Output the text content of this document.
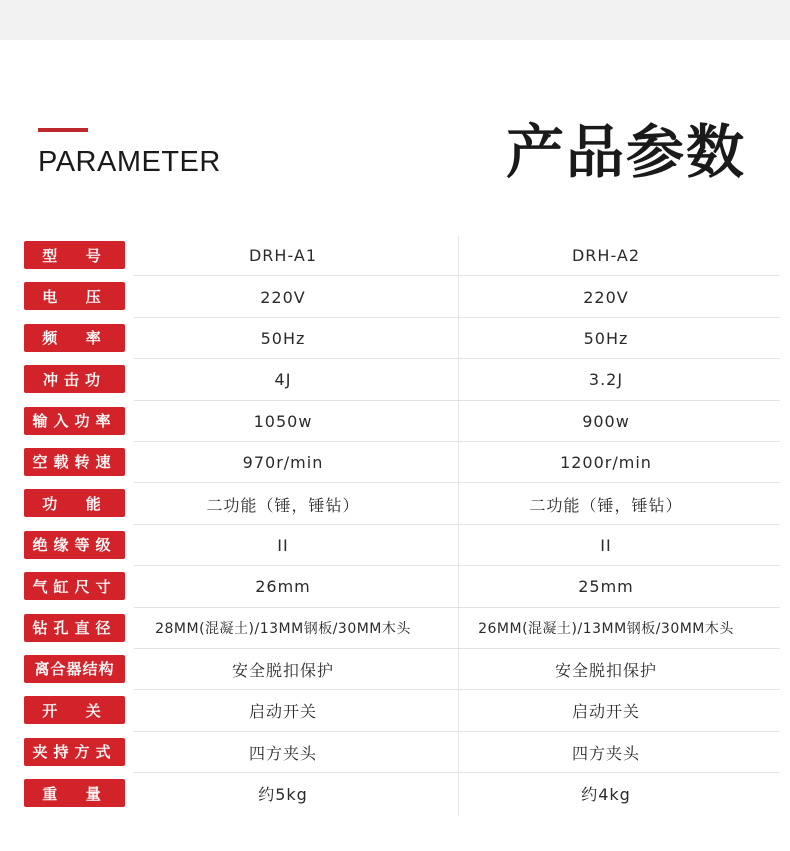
PARAMETER	产品参数
型  号	DRH-A1	DRH-A2
电  压	220V	220V
频  率	50Hz	50Hz
冲击功	4J	3.2J
输入功率	1050w	900w
空载转速	970r/min	1200r/min
功  能	二功能（锤，锤钻）	二功能（锤，锤钻）
绝缘等级	II	II
气缸尺寸	26mm	25mm
钻孔直径	28MM(混凝土)/13MM钢板/30MM木头	26MM(混凝土)/13MM钢板/30MM木头
离合器结构	安全脱扣保护	安全脱扣保护
开  关	启动开关	启动开关
夹持方式	四方夹头	四方夹头
重  量	约5kg	约4kg
